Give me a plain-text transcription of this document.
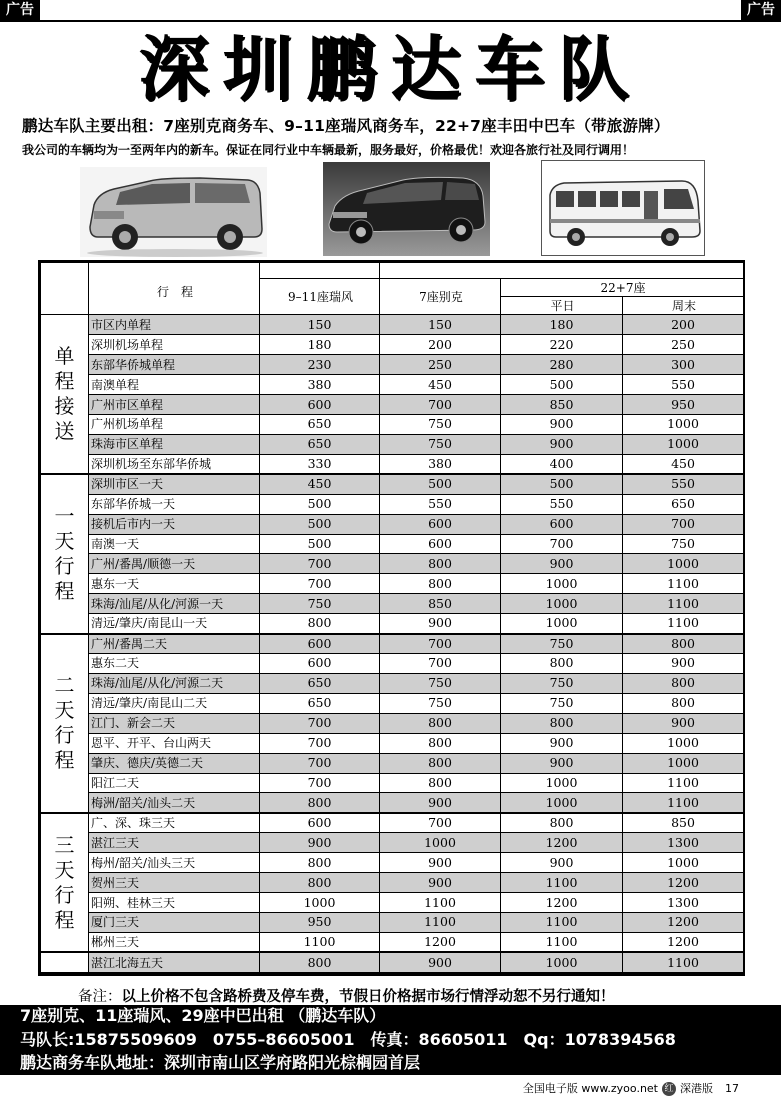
广告	广告
深圳鹏达车队
鹏达车队主要出租：7座别克商务车、9–11座瑞风商务车，22+7座丰田中巴车（带旅游牌）
我公司的车辆均为一至两年内的新车。保证在同行业中车辆最新，服务最好，价格最优！欢迎各旅行社及同行调用！
	行　程				
		9–11座瑞风	7座别克	22+7座	
				平日	周末

单
程
接
送	市区内单程	150	150	180	200
	深圳机场单程	180	200	220	250
	东部华侨城单程	230	250	280	300
	南澳单程	380	450	500	550
	广州市区单程	600	700	850	950
	广州机场单程	650	750	900	1000
	珠海市区单程	650	750	900	1000
	深圳机场至东部华侨城	330	380	400	450

一
天
行
程	深圳市区一天	450	500	500	550
	东部华侨城一天	500	550	550	650
	接机后市内一天	500	600	600	700
	南澳一天	500	600	700	750
	广州/番禺/顺德一天	700	800	900	1000
	惠东一天	700	800	1000	1100
	珠海/汕尾/从化/河源一天	750	850	1000	1100
	清远/肇庆/南昆山一天	800	900	1000	1100

二
天
行
程	广州/番禺二天	600	700	750	800
	惠东二天	600	700	800	900
	珠海/汕尾/从化/河源二天	650	750	750	800
	清远/肇庆/南昆山二天	650	750	750	800
	江门、新会二天	700	800	800	900
	恩平、开平、台山两天	700	800	900	1000
	肇庆、德庆/英德二天	700	800	900	1000
	阳江二天	700	800	1000	1100
	梅洲/韶关/汕头二天	800	900	1000	1100

三
天
行
程	广、深、珠三天	600	700	800	850
	湛江三天	900	1000	1200	1300
	梅州/韶关/汕头三天	800	900	900	1000
	贺州三天	800	900	1100	1200
	阳朔、桂林三天	1000	1100	1200	1300
	厦门三天	950	1100	1100	1200
	郴州三天	1100	1200	1100	1200
	湛江北海五天	800	900	1000	1100
备注：以上价格不包含路桥费及停车费，节假日价格据市场行情浮动恕不另行通知！
7座别克、11座瑞风、29座中巴出租 （鹏达车队）
马队长:15875509609　0755–86605001　传真：86605011　Qq：1078394568
鹏达商务车队地址：深圳市南山区学府路阳光棕榈园首层
全国电子版 www.zyoo.net 红 深港版 17
